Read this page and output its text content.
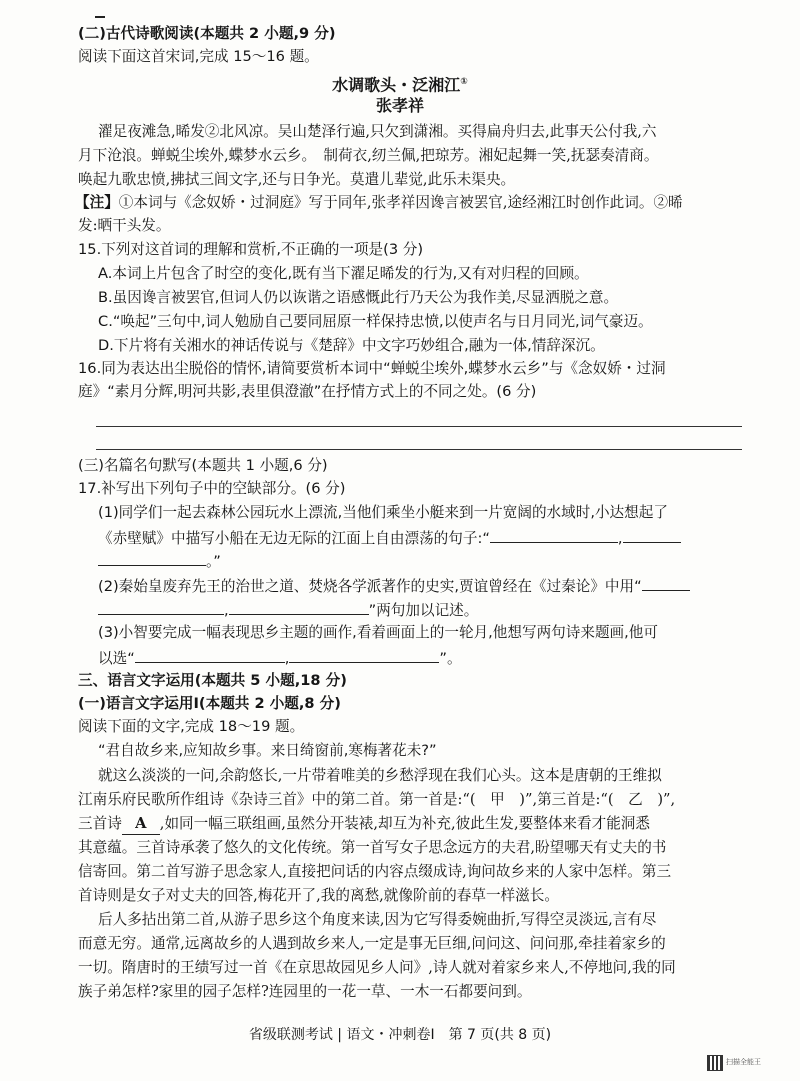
(二)古代诗歌阅读(本题共 2 小题,9 分)
阅读下面这首宋词,完成 15～16 题。
水调歌头・泛湘江①
张孝祥
濯足夜滩急,晞发②北风凉。吴山楚泽行遍,只欠到潇湘。买得扁舟归去,此事天公付我,六
月下沧浪。蝉蜕尘埃外,蝶梦水云乡。　制荷衣,纫兰佩,把琼芳。湘妃起舞一笑,抚瑟奏清商。
唤起九歌忠愤,拂拭三闾文字,还与日争光。莫遣儿辈觉,此乐未渠央。
【注】①本词与《念奴娇・过洞庭》写于同年,张孝祥因谗言被罢官,途经湘江时创作此词。②晞
发:晒干头发。
15.下列对这首词的理解和赏析,不正确的一项是(3 分)
A.本词上片包含了时空的变化,既有当下濯足晞发的行为,又有对归程的回顾。
B.虽因谗言被罢官,但词人仍以诙谐之语感慨此行乃天公为我作美,尽显洒脱之意。
C.“唤起”三句中,词人勉励自己要同屈原一样保持忠愤,以使声名与日月同光,词气豪迈。
D.下片将有关湘水的神话传说与《楚辞》中文字巧妙组合,融为一体,情辞深沉。
16.同为表达出尘脱俗的情怀,请简要赏析本词中“蝉蜕尘埃外,蝶梦水云乡”与《念奴娇・过洞
庭》“素月分辉,明河共影,表里俱澄澈”在抒情方式上的不同之处。(6 分)
(三)名篇名句默写(本题共 1 小题,6 分)
17.补写出下列句子中的空缺部分。(6 分)
(1)同学们一起去森林公园玩水上漂流,当他们乘坐小艇来到一片宽阔的水域时,小达想起了
《赤壁赋》中描写小船在无边无际的江面上自由漂荡的句子:“	,
。”
(2)秦始皇废弃先王的治世之道、焚烧各学派著作的史实,贾谊曾经在《过秦论》中用“
,	”两句加以记述。
(3)小智要完成一幅表现思乡主题的画作,看着画面上的一轮月,他想写两句诗来题画,他可
以选“	,	”。
三、语言文字运用(本题共 5 小题,18 分)
(一)语言文字运用Ⅰ(本题共 2 小题,8 分)
阅读下面的文字,完成 18～19 题。
“君自故乡来,应知故乡事。来日绮窗前,寒梅著花未?”
就这么淡淡的一问,余韵悠长,一片带着唯美的乡愁浮现在我们心头。这本是唐朝的王维拟
江南乐府民歌所作组诗《杂诗三首》中的第二首。第一首是:“(　甲　)”,第三首是:“(　乙　)”,
三首诗 A ,如同一幅三联组画,虽然分开装裱,却互为补充,彼此生发,要整体来看才能洞悉
其意蕴。三首诗承袭了悠久的文化传统。第一首写女子思念远方的夫君,盼望哪天有丈夫的书
信寄回。第二首写游子思念家人,直接把问话的内容点缀成诗,询问故乡来的人家中怎样。第三
首诗则是女子对丈夫的回答,梅花开了,我的离愁,就像阶前的春草一样滋长。
后人多拈出第二首,从游子思乡这个角度来读,因为它写得委婉曲折,写得空灵淡远,言有尽
而意无穷。通常,远离故乡的人遇到故乡来人,一定是事无巨细,问问这、问问那,牵挂着家乡的
一切。隋唐时的王绩写过一首《在京思故园见乡人问》,诗人就对着家乡来人,不停地问,我的同
族子弟怎样?家里的园子怎样?连园里的一花一草、一木一石都要问到。
省级联测考试 | 语文・冲刺卷Ⅰ　第 7 页(共 8 页)
扫描全能王
